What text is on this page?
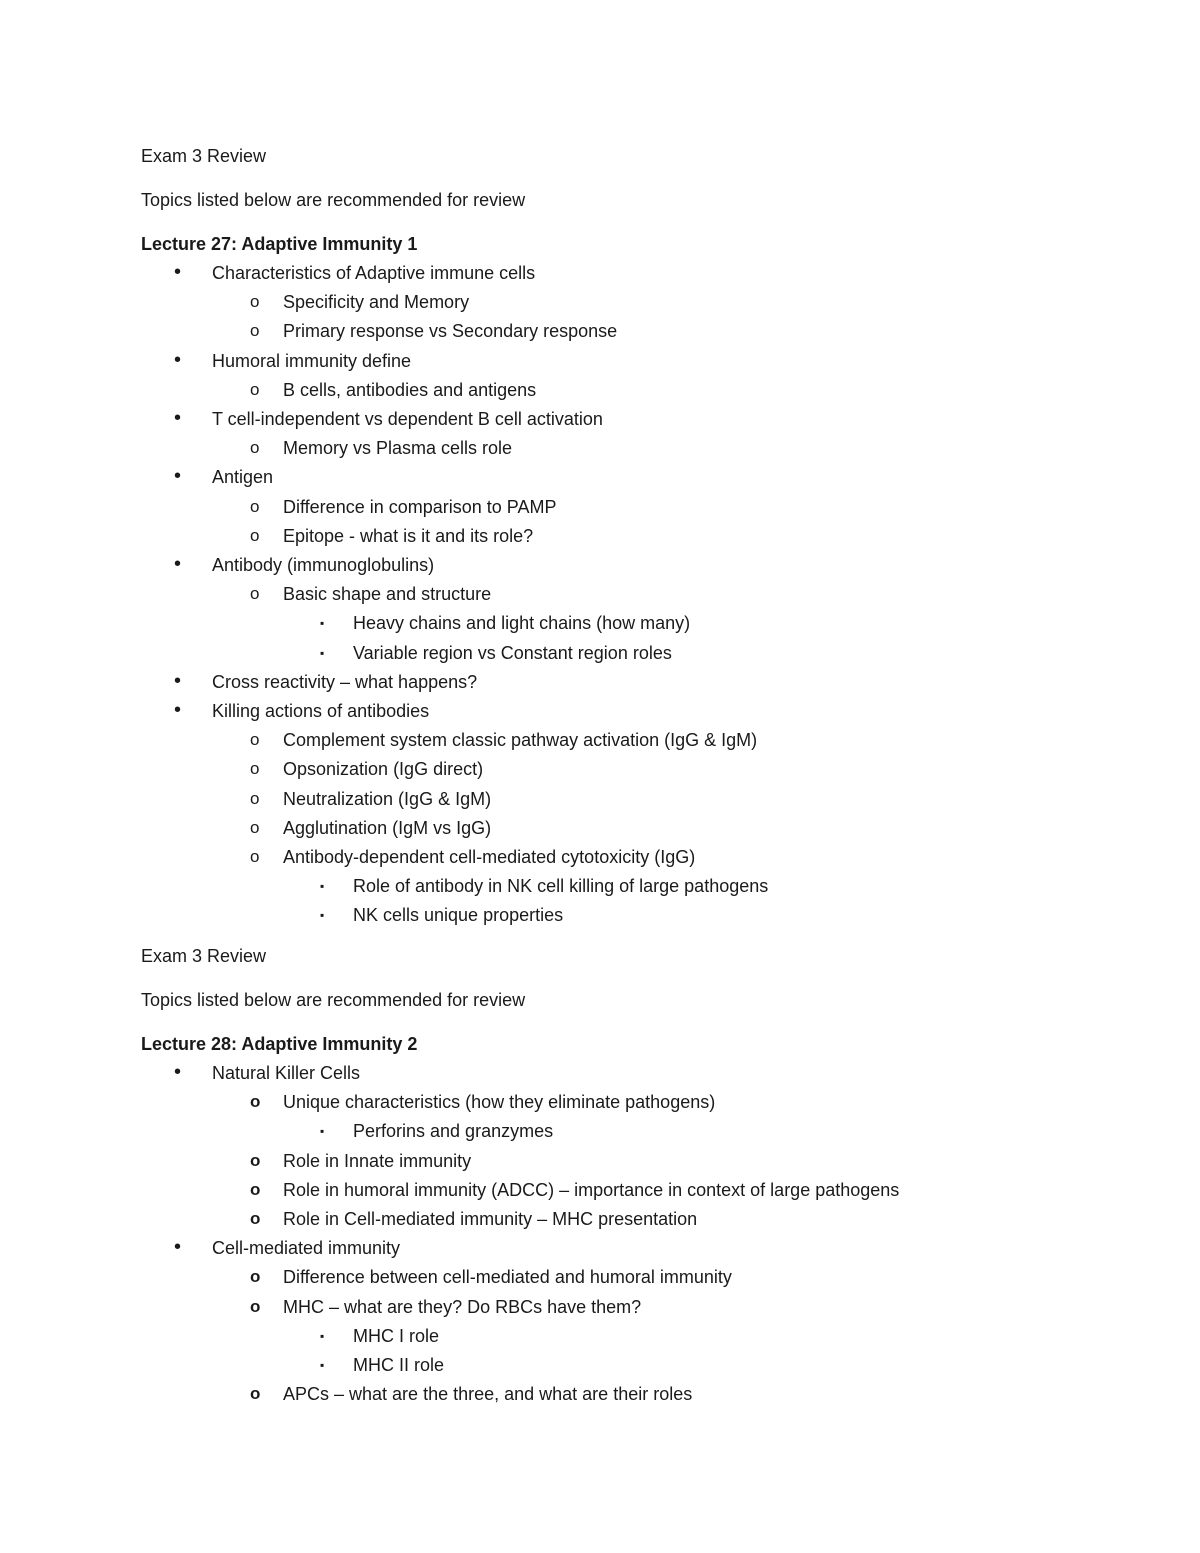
Exam 3 Review

Topics listed below are recommended for review

Lecture 27: Adaptive Immunity 1

• Characteristics of Adaptive immune cells

o Specificity and Memory

o Primary response vs Secondary response

• Humoral immunity define

o B cells, antibodies and antigens

• T cell-independent vs dependent B cell activation

o Memory vs Plasma cells role

• Antigen

o Difference in comparison to PAMP

o Epitope - what is it and its role?

• Antibody (immunoglobulins)

o Basic shape and structure

▪ Heavy chains and light chains (how many)

▪ Variable region vs Constant region roles

• Cross reactivity – what happens?

• Killing actions of antibodies

o Complement system classic pathway activation (IgG & IgM)

o Opsonization (IgG direct)

o Neutralization (IgG & IgM)

o Agglutination (IgM vs IgG)

o Antibody-dependent cell-mediated cytotoxicity (IgG)

▪ Role of antibody in NK cell killing of large pathogens

▪ NK cells unique properties

Exam 3 Review

Topics listed below are recommended for review

Lecture 28: Adaptive Immunity 2

• Natural Killer Cells

o Unique characteristics (how they eliminate pathogens)

▪ Perforins and granzymes

o Role in Innate immunity

o Role in humoral immunity (ADCC) – importance in context of large pathogens

o Role in Cell-mediated immunity – MHC presentation

• Cell-mediated immunity

o Difference between cell-mediated and humoral immunity

o MHC – what are they? Do RBCs have them?

▪ MHC I role

▪ MHC II role

o APCs – what are the three, and what are their roles
